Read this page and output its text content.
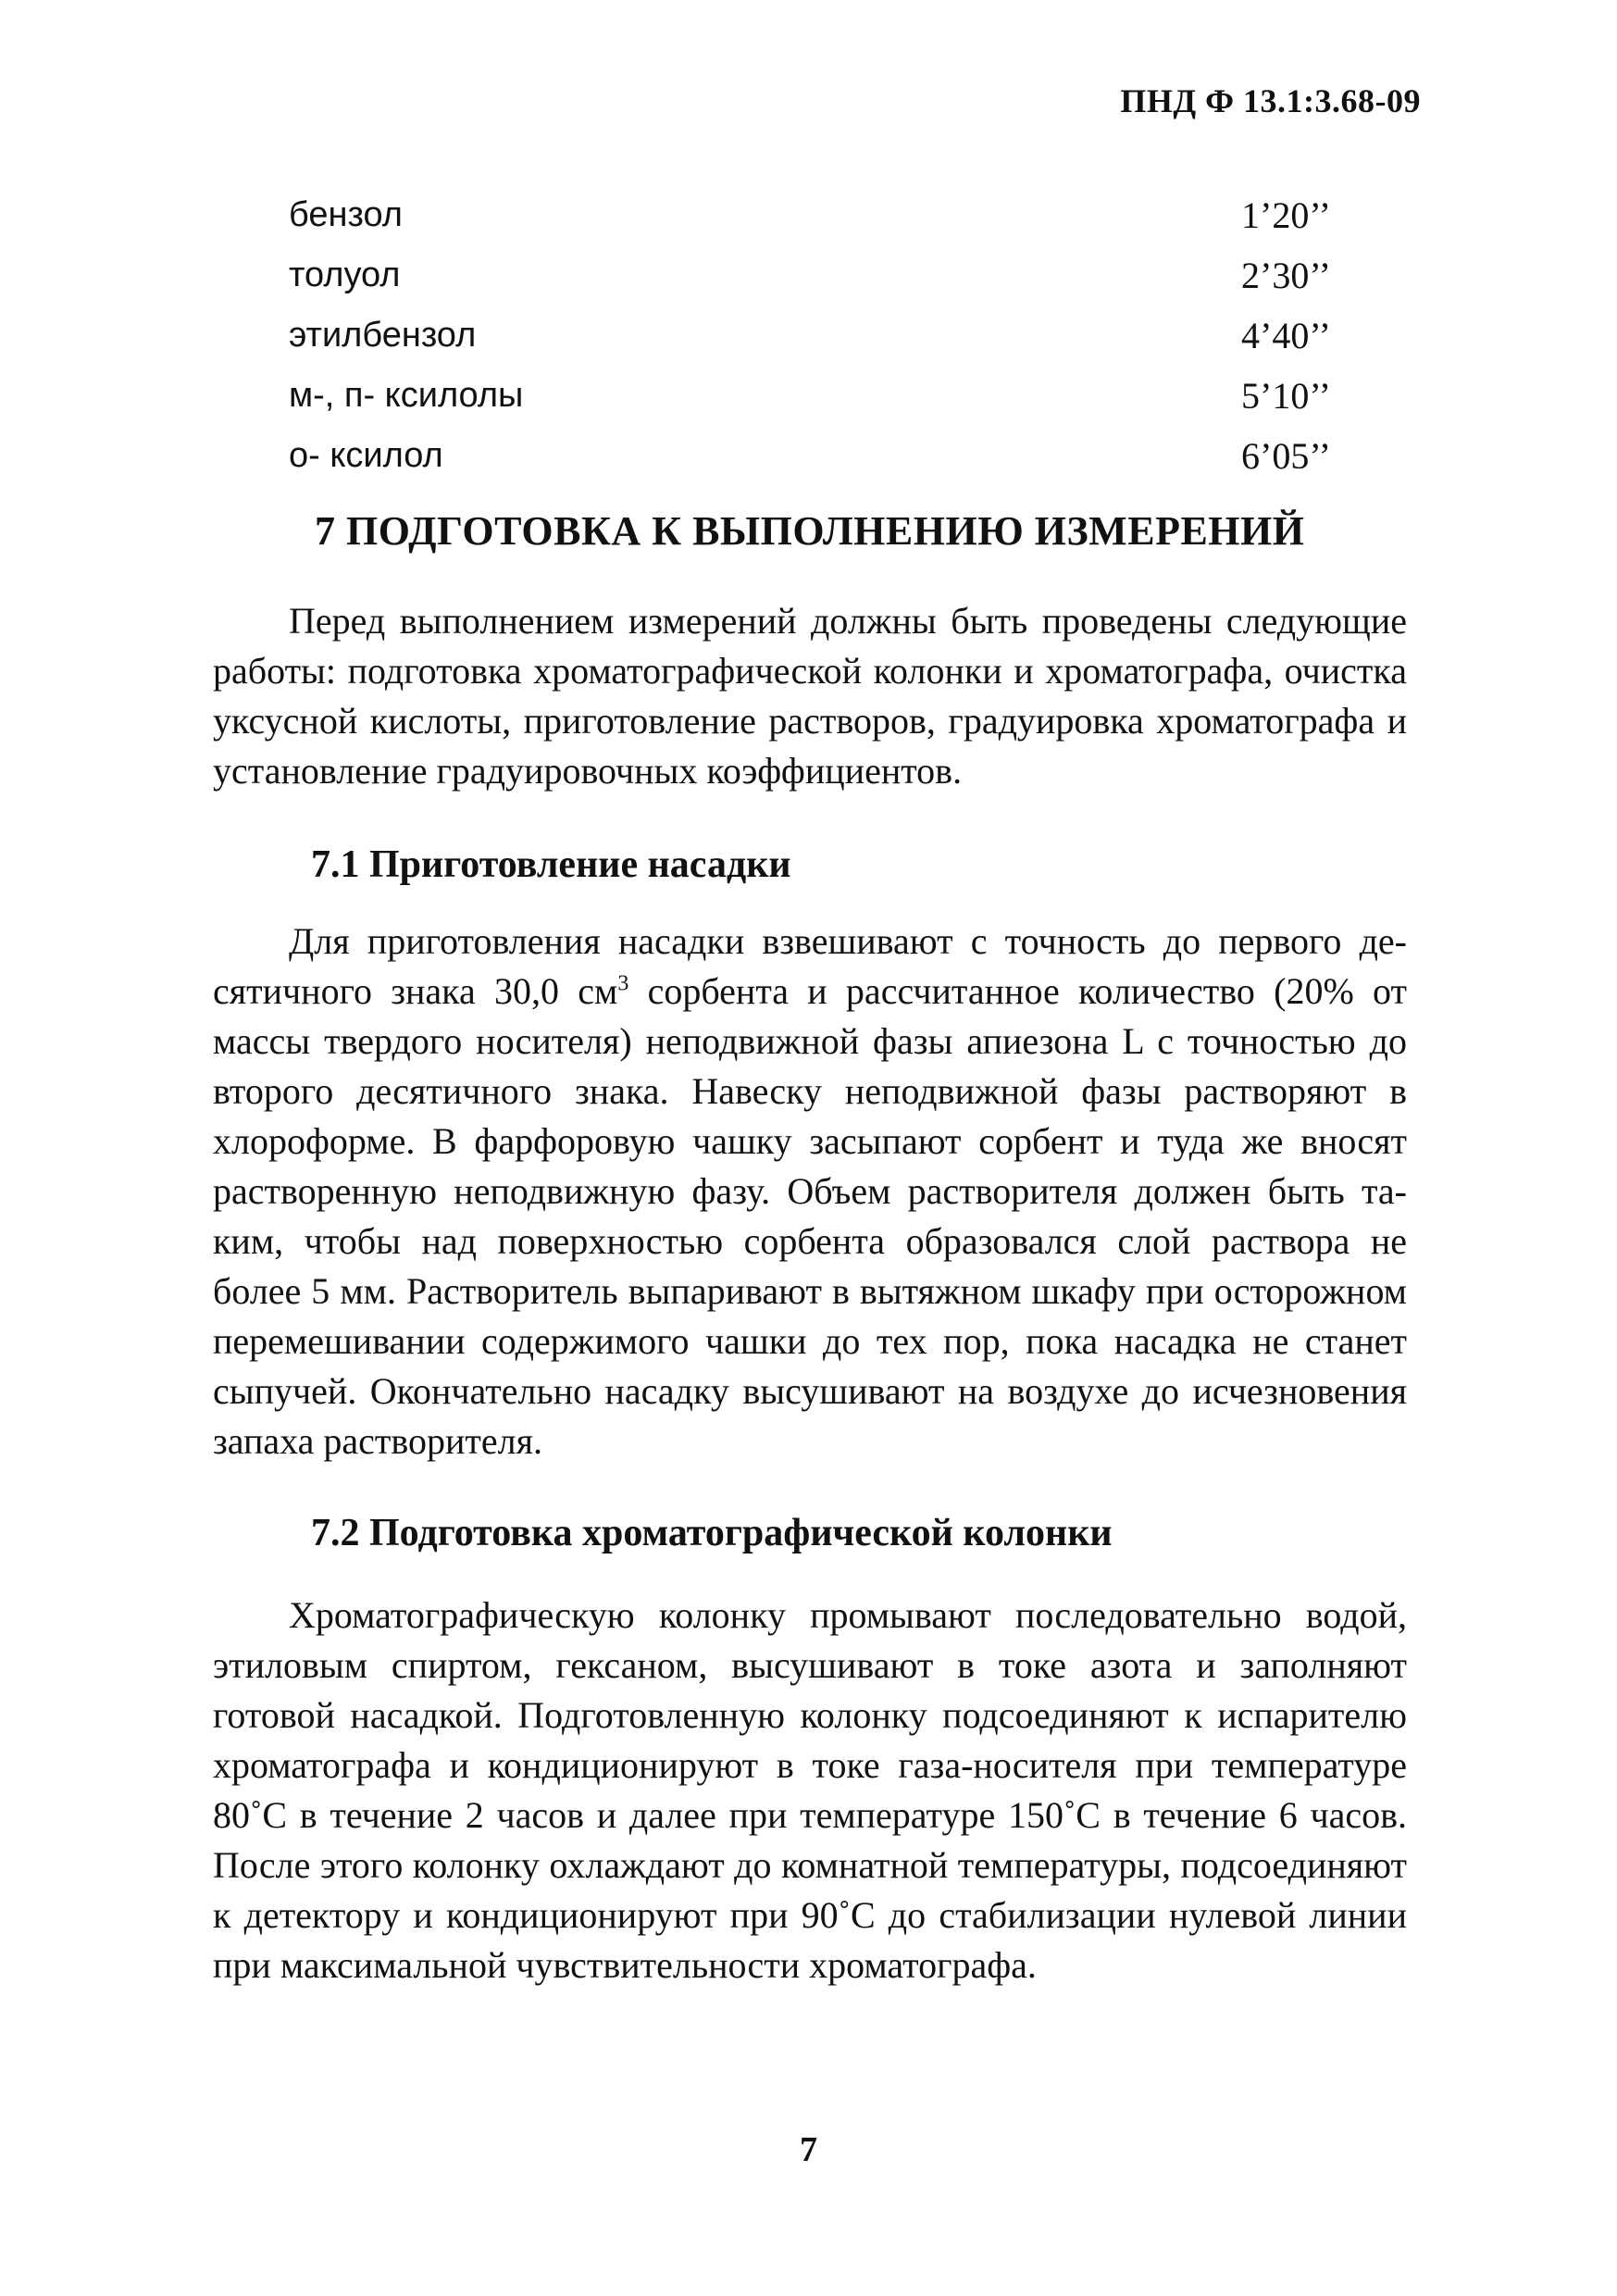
ПНД Ф 13.1:3.68-09
бензол	1’20’’
толуол	2’30’’
этилбензол	4’40’’
м-, п- ксилолы	5’10’’
о- ксилол	6’05’’
7 ПОДГОТОВКА К ВЫПОЛНЕНИЮ ИЗМЕРЕНИЙ

Перед выполнением измерений должны быть проведены следующие работы: подготовка хроматографической колонки и хроматографа, очистка уксусной кислоты, приготовление растворов, градуировка хроматографа и установление градуировочных коэффициентов.

7.1 Приготовление насадки

Для приготовления насадки взвешивают с точность до первого десятичного знака 30,0 $см^3$ сорбента и рассчитанное количество (20% от массы твердого носителя) неподвижной фазы апиезона L с точностью до второго десятичного знака. Навеску неподвижной фазы растворяют в хлороформе. В фарфоровую чашку засыпают сорбент и туда же вносят растворенную неподвижную фазу. Объем растворителя должен быть таким, чтобы над поверхностью сорбента образовался слой раствора не более 5 мм. Растворитель выпаривают в вытяжном шкафу при осторожном перемешивании содержимого чашки до тех пор, пока насадка не станет сыпучей. Окончательно насадку высушивают на воздухе до исчезновения запаха растворителя.

7.2 Подготовка хроматографической колонки

Хроматографическую колонку промывают последовательно водой, этиловым спиртом, гексаном, высушивают в токе азота и заполняют готовой насадкой. Подготовленную колонку подсоединяют к испарителю хроматографа и кондиционируют в токе газа-носителя при температуре 80˚С в течение 2 часов и далее при температуре 150˚С в течение 6 часов. После этого колонку охлаждают до комнатной температуры, подсоединяют к детектору и кондиционируют при 90˚С до стабилизации нулевой линии при максимальной чувствительности хроматографа.

7
